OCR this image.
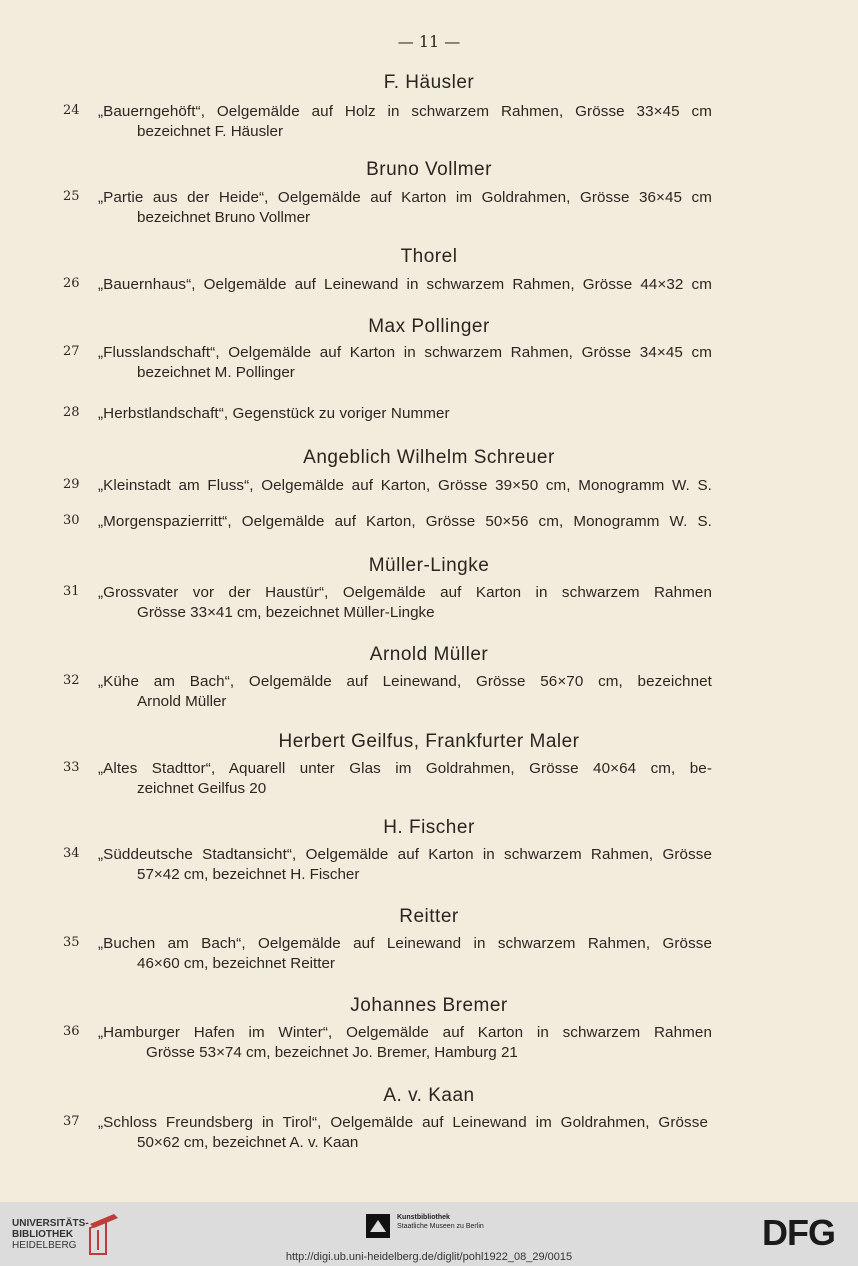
— 11 —
F. Häusler
24 „Bauerngehöft“, Oelgemälde auf Holz in schwarzem Rahmen, Grösse 33×45 cm
bezeichnet F. Häusler
Bruno Vollmer
25 „Partie aus der Heide“, Oelgemälde auf Karton im Goldrahmen, Grösse 36×45 cm
bezeichnet Bruno Vollmer
Thorel
26 „Bauernhaus“, Oelgemälde auf Leinewand in schwarzem Rahmen, Grösse 44×32 cm
Max Pollinger
27 „Flusslandschaft“, Oelgemälde auf Karton in schwarzem Rahmen, Grösse 34×45 cm
bezeichnet M. Pollinger
28 „Herbstlandschaft“, Gegenstück zu voriger Nummer
Angeblich Wilhelm Schreuer
29 „Kleinstadt am Fluss“, Oelgemälde auf Karton, Grösse 39×50 cm, Monogramm W. S.
30 „Morgenspazierritt“, Oelgemälde auf Karton, Grösse 50×56 cm, Monogramm W. S.
Müller-Lingke
31 „Grossvater vor der Haustür“, Oelgemälde auf Karton in schwarzem Rahmen
Grösse 33×41 cm, bezeichnet Müller-Lingke
Arnold Müller
32 „Kühe am Bach“, Oelgemälde auf Leinewand, Grösse 56×70 cm, bezeichnet
Arnold Müller
Herbert Geilfus, Frankfurter Maler
33 „Altes Stadttor“, Aquarell unter Glas im Goldrahmen, Grösse 40×64 cm, be-
zeichnet Geilfus 20
H. Fischer
34 „Süddeutsche Stadtansicht“, Oelgemälde auf Karton in schwarzem Rahmen, Grösse
57×42 cm, bezeichnet H. Fischer
Reitter
35 „Buchen am Bach“, Oelgemälde auf Leinewand in schwarzem Rahmen, Grösse
46×60 cm, bezeichnet Reitter
Johannes Bremer
36 „Hamburger Hafen im Winter“, Oelgemälde auf Karton in schwarzem Rahmen
Grösse 53×74 cm, bezeichnet Jo. Bremer, Hamburg 21
A. v. Kaan
37 „Schloss Freundsberg in Tirol“, Oelgemälde auf Leinewand im Goldrahmen, Grösse
50×62 cm, bezeichnet A. v. Kaan
UNIVERSITÄTS-
BIBLIOTHEK
HEIDELBERG
Kunstbibliothek
Staatliche Museen zu Berlin	DFG
http://digi.ub.uni-heidelberg.de/diglit/pohl1922_08_29/0015
